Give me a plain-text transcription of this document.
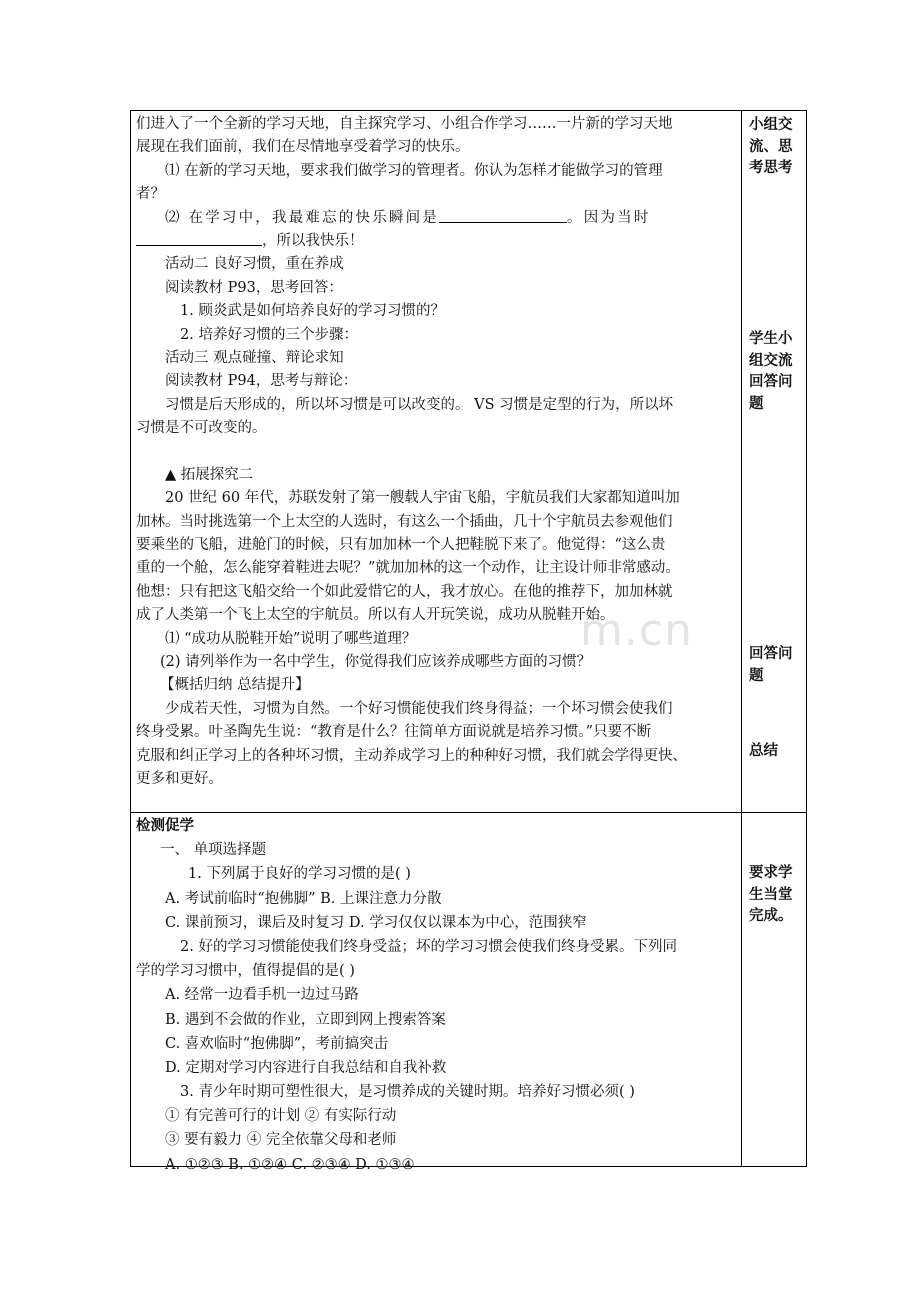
们进入了一个全新的学习天地，自主探究学习、小组合作学习……一片新的学习天地
展现在我们面前，我们在尽情地享受着学习的快乐。
⑴ 在新的学习天地，要求我们做学习的管理者。你认为怎样才能做学习的管理
者？
⑵ 在学习中，我最难忘的快乐瞬间是	。因为当时
，所以我快乐！
活动二 良好习惯，重在养成
阅读教材 P93，思考回答：
1. 顾炎武是如何培养良好的学习习惯的？
2. 培养好习惯的三个步骤：
活动三 观点碰撞、辩论求知
阅读教材 P94，思考与辩论：
习惯是后天形成的，所以坏习惯是可以改变的。 VS 习惯是定型的行为，所以坏
习惯是不可改变的。
▲ 拓展探究二
20 世纪 60 年代，苏联发射了第一艘载人宇宙飞船，宇航员我们大家都知道叫加
加林。当时挑选第一个上太空的人选时，有这么一个插曲，几十个宇航员去参观他们
要乘坐的飞船，进舱门的时候，只有加加林一个人把鞋脱下来了。他觉得：“这么贵
重的一个舱，怎么能穿着鞋进去呢？”就加加林的这一个动作，让主设计师非常感动。
他想：只有把这飞船交给一个如此爱惜它的人，我才放心。在他的推荐下，加加林就
成了人类第一个飞上太空的宇航员。所以有人开玩笑说，成功从脱鞋开始。
⑴ “成功从脱鞋开始”说明了哪些道理？
(2) 请列举作为一名中学生，你觉得我们应该养成哪些方面的习惯？
【概括归纳 总结提升】
少成若天性，习惯为自然。一个好习惯能使我们终身得益；一个坏习惯会使我们
终身受累。叶圣陶先生说：“教育是什么？往简单方面说就是培养习惯。”只要不断
克服和纠正学习上的各种坏习惯，主动养成学习上的种种好习惯，我们就会学得更快、
更多和更好。
小组交流、思考思考
学生小组交流回答问题
回答问题
总结
检测促学
一、 单项选择题
1. 下列属于良好的学习习惯的是( )
A. 考试前临时“抱佛脚” B. 上课注意力分散
C. 课前预习，课后及时复习 D. 学习仅仅以课本为中心，范围狭窄
2. 好的学习习惯能使我们终身受益；坏的学习习惯会使我们终身受累。下列同
学的学习习惯中，值得提倡的是( )
A. 经常一边看手机一边过马路
B. 遇到不会做的作业，立即到网上搜索答案
C. 喜欢临时“抱佛脚”，考前搞突击
D. 定期对学习内容进行自我总结和自我补救
3. 青少年时期可塑性很大，是习惯养成的关键时期。培养好习惯必须( )
① 有完善可行的计划 ② 有实际行动
③ 要有毅力 ④ 完全依靠父母和老师
A. ①②③ B. ①②④ C. ②③④ D. ①③④
要求学生当堂完成。
m.cn
